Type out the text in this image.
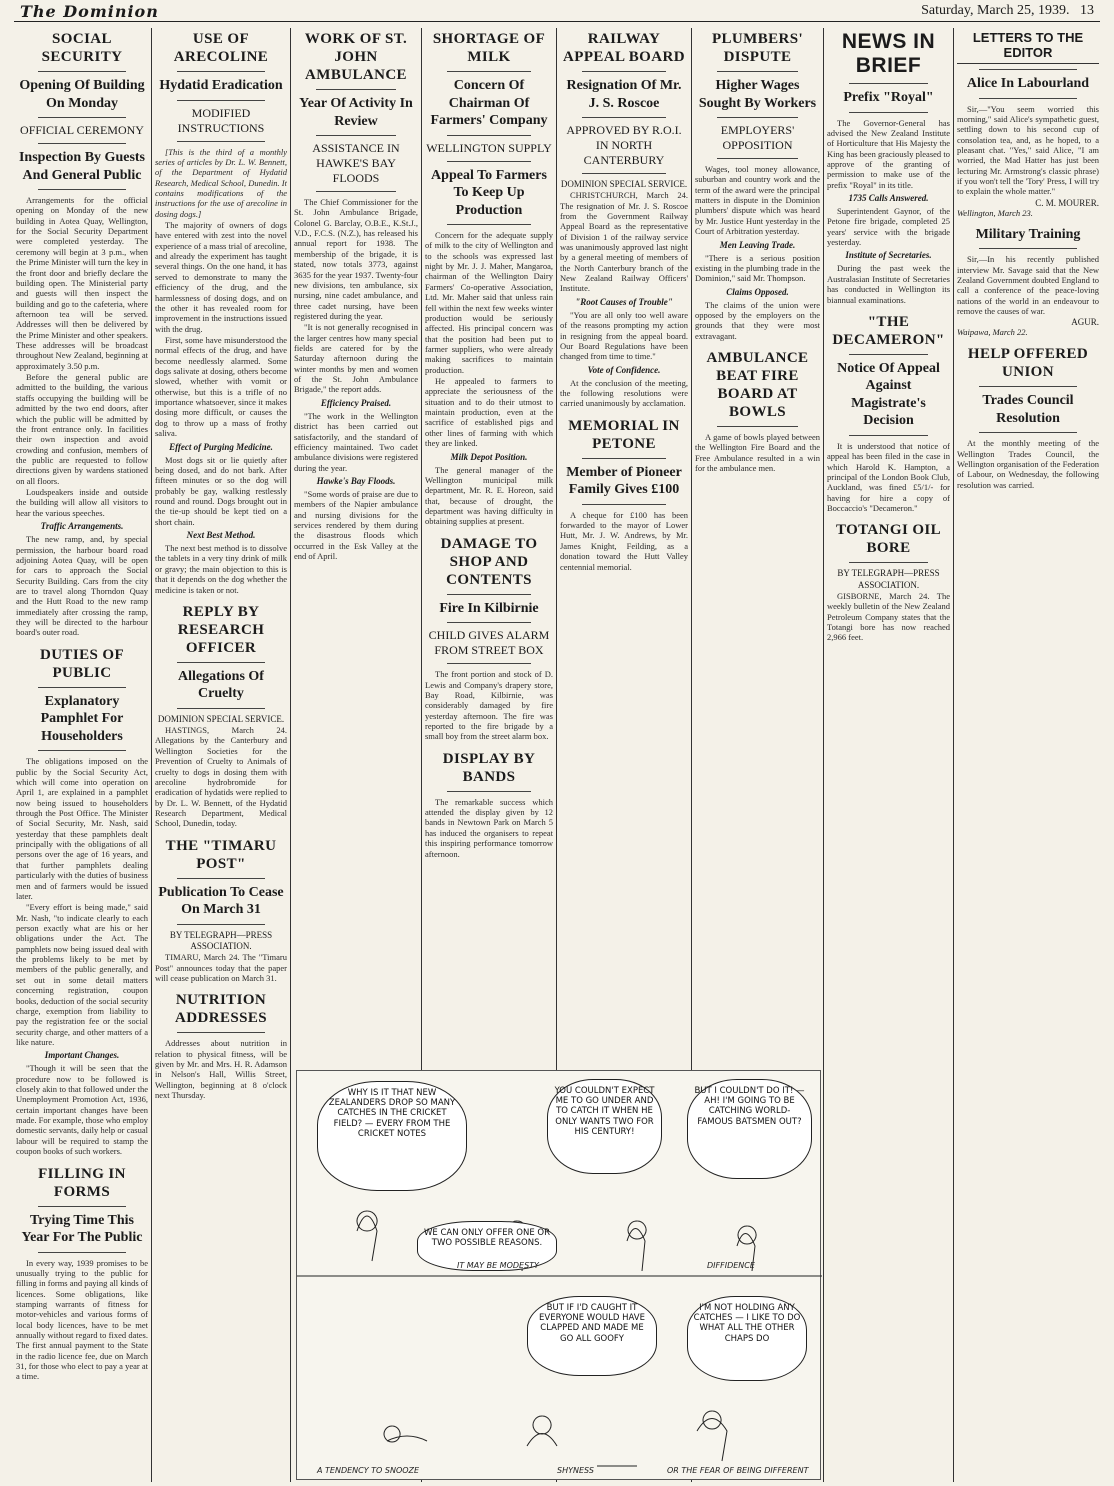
The Dominion	Saturday, March 25, 1939. 13
SOCIAL SECURITY
Opening Of Building On Monday
OFFICIAL CEREMONY
Inspection By Guests And General Public

Arrangements for the official opening on Monday of the new building in Aotea Quay, Wellington, for the Social Security Department were completed yesterday. The ceremony will begin at 3 p.m., when the Prime Minister will turn the key in the front door and briefly declare the building open. The Ministerial party and guests will then inspect the building and go to the cafeteria, where afternoon tea will be served. Addresses will then be delivered by the Prime Minister and other speakers. These addresses will be broadcast throughout New Zealand, beginning at approximately 3.50 p.m.

Before the general public are admitted to the building, the various staffs occupying the building will be admitted by the two end doors, after which the public will be admitted by the front entrance only. In facilities their own inspection and avoid crowding and confusion, members of the public are requested to follow directions given by wardens stationed on all floors.

Loudspeakers inside and outside the building will allow all visitors to hear the various speeches.

Traffic Arrangements.

The new ramp, and, by special permission, the harbour board road adjoining Aotea Quay, will be open for cars to approach the Social Security Building. Cars from the city are to travel along Thorndon Quay and the Hutt Road to the new ramp immediately after crossing the ramp, they will be directed to the harbour board's outer road.

DUTIES OF PUBLIC
Explanatory Pamphlet For Householders

The obligations imposed on the public by the Social Security Act, which will come into operation on April 1, are explained in a pamphlet now being issued to householders through the Post Office. The Minister of Social Security, Mr. Nash, said yesterday that these pamphlets dealt principally with the obligations of all persons over the age of 16 years, and that further pamphlets dealing particularly with the duties of business men and of farmers would be issued later.

"Every effort is being made," said Mr. Nash, "to indicate clearly to each person exactly what are his or her obligations under the Act. The pamphlets now being issued deal with the problems likely to be met by members of the public generally, and set out in some detail matters concerning registration, coupon books, deduction of the social security charge, exemption from liability to pay the registration fee or the social security charge, and other matters of a like nature.

Important Changes.

"Though it will be seen that the procedure now to be followed is closely akin to that followed under the Unemployment Promotion Act, 1936, certain important changes have been made. For example, those who employ domestic servants, daily help or casual labour will be required to stamp the coupon books of such workers.

FILLING IN FORMS
Trying Time This Year For The Public

In every way, 1939 promises to be unusually trying to the public for filling in forms and paying all kinds of licences. Some obligations, like stamping warrants of fitness for motor-vehicles and various forms of local body licences, have to be met annually without regard to fixed dates. The first annual payment to the State in the radio licence fee, due on March 31, for those who elect to pay a year at a time.

USE OF ARECOLINE
Hydatid Eradication
MODIFIED INSTRUCTIONS

[This is the third of a monthly series of articles by Dr. L. W. Bennett, of the Department of Hydatid Research, Medical School, Dunedin. It contains modifications of the instructions for the use of arecoline in dosing dogs.]

The majority of owners of dogs have entered with zest into the novel experience of a mass trial of arecoline, and already the experiment has taught several things. On the one hand, it has served to demonstrate to many the efficiency of the drug, and the harmlessness of dosing dogs, and on the other it has revealed room for improvement in the instructions issued with the drug.

First, some have misunderstood the normal effects of the drug, and have become needlessly alarmed. Some dogs salivate at dosing, others become slowed, whether with vomit or otherwise, but this is a trifle of no importance whatsoever, since it makes dosing more difficult, or causes the dog to throw up a mass of frothy saliva.

Effect of Purging Medicine.

Most dogs sit or lie quietly after being dosed, and do not bark. After fifteen minutes or so the dog will probably be gay, walking restlessly round and round. Dogs brought out in the tie-up should be kept tied on a short chain.

Next Best Method.

The next best method is to dissolve the tablets in a very tiny drink of milk or gravy; the main objection to this is that it depends on the dog whether the medicine is taken or not.

REPLY BY RESEARCH OFFICER
Allegations Of Cruelty
DOMINION SPECIAL SERVICE.

HASTINGS, March 24. Allegations by the Canterbury and Wellington Societies for the Prevention of Cruelty to Animals of cruelty to dogs in dosing them with arecoline hydrobromide for eradication of hydatids were replied to by Dr. L. W. Bennett, of the Hydatid Research Department, Medical School, Dunedin, today.

THE "TIMARU POST"
Publication To Cease On March 31
BY TELEGRAPH—PRESS ASSOCIATION.

TIMARU, March 24. The "Timaru Post" announces today that the paper will cease publication on March 31.

NUTRITION ADDRESSES

Addresses about nutrition in relation to physical fitness, will be given by Mr. and Mrs. H. R. Adamson in Nelson's Hall, Willis Street, Wellington, beginning at 8 o'clock next Thursday.

WORK OF ST. JOHN AMBULANCE
Year Of Activity In Review
ASSISTANCE IN HAWKE'S BAY FLOODS

The Chief Commissioner for the St. John Ambulance Brigade, Colonel G. Barclay, O.B.E., K.St.J., V.D., F.C.S. (N.Z.), has released his annual report for 1938. The membership of the brigade, it is stated, now totals 3773, against 3635 for the year 1937. Twenty-four new divisions, ten ambulance, six nursing, nine cadet ambulance, and three cadet nursing, have been registered during the year.

"It is not generally recognised in the larger centres how many special fields are catered for by the Saturday afternoon during the winter months by men and women of the St. John Ambulance Brigade," the report adds.

Efficiency Praised.

"The work in the Wellington district has been carried out satisfactorily, and the standard of efficiency maintained. Two cadet ambulance divisions were registered during the year.

Hawke's Bay Floods.

"Some words of praise are due to members of the Napier ambulance and nursing divisions for the services rendered by them during the disastrous floods which occurred in the Esk Valley at the end of April.

SHORTAGE OF MILK
Concern Of Chairman Of Farmers' Company
WELLINGTON SUPPLY
Appeal To Farmers To Keep Up Production

Concern for the adequate supply of milk to the city of Wellington and to the schools was expressed last night by Mr. J. J. Maher, Mangaroa, chairman of the Wellington Dairy Farmers' Co-operative Association, Ltd. Mr. Maher said that unless rain fell within the next few weeks winter production would be seriously affected. His principal concern was that the position had been put to farmer suppliers, who were already making sacrifices to maintain production.

He appealed to farmers to appreciate the seriousness of the situation and to do their utmost to maintain production, even at the sacrifice of established pigs and other lines of farming with which they are linked.

Milk Depot Position.

The general manager of the Wellington municipal milk department, Mr. R. E. Horeon, said that, because of drought, the department was having difficulty in obtaining supplies at present.

DAMAGE TO SHOP AND CONTENTS
Fire In Kilbirnie
CHILD GIVES ALARM FROM STREET BOX

The front portion and stock of D. Lewis and Company's drapery store, Bay Road, Kilbirnie, was considerably damaged by fire yesterday afternoon. The fire was reported to the fire brigade by a small boy from the street alarm box.

DISPLAY BY BANDS

The remarkable success which attended the display given by 12 bands in Newtown Park on March 5 has induced the organisers to repeat this inspiring performance tomorrow afternoon.

RAILWAY APPEAL BOARD
Resignation Of Mr. J. S. Roscoe
APPROVED BY R.O.I. IN NORTH CANTERBURY
DOMINION SPECIAL SERVICE.

CHRISTCHURCH, March 24. The resignation of Mr. J. S. Roscoe from the Government Railway Appeal Board as the representative of Division 1 of the railway service was unanimously approved last night by a general meeting of members of the North Canterbury branch of the New Zealand Railway Officers' Institute.

"Root Causes of Trouble"

"You are all only too well aware of the reasons prompting my action in resigning from the appeal board. Our Board Regulations have been changed from time to time."

Vote of Confidence.

At the conclusion of the meeting, the following resolutions were carried unanimously by acclamation.

MEMORIAL IN PETONE
Member of Pioneer Family Gives £100

A cheque for £100 has been forwarded to the mayor of Lower Hutt, Mr. J. W. Andrews, by Mr. James Knight, Feilding, as a donation toward the Hutt Valley centennial memorial.

PLUMBERS' DISPUTE
Higher Wages Sought By Workers
EMPLOYERS' OPPOSITION

Wages, tool money allowance, suburban and country work and the term of the award were the principal matters in dispute in the Dominion plumbers' dispute which was heard by Mr. Justice Hunt yesterday in the Court of Arbitration yesterday.

Men Leaving Trade.

"There is a serious position existing in the plumbing trade in the Dominion," said Mr. Thompson.

Claims Opposed.

The claims of the union were opposed by the employers on the grounds that they were most extravagant.

AMBULANCE BEAT FIRE BOARD AT BOWLS

A game of bowls played between the Wellington Fire Board and the Free Ambulance resulted in a win for the ambulance men.

NEWS IN BRIEF
Prefix "Royal"

The Governor-General has advised the New Zealand Institute of Horticulture that His Majesty the King has been graciously pleased to approve of the granting of permission to make use of the prefix "Royal" in its title.

1735 Calls Answered.

Superintendent Gaynor, of the Petone fire brigade, completed 25 years' service with the brigade yesterday.

Institute of Secretaries.

During the past week the Australasian Institute of Secretaries has conducted in Wellington its biannual examinations.

"THE DECAMERON"
Notice Of Appeal Against Magistrate's Decision

It is understood that notice of appeal has been filed in the case in which Harold K. Hampton, a principal of the London Book Club, Auckland, was fined £5/1/- for having for hire a copy of Boccaccio's "Decameron."

TOTANGI OIL BORE
BY TELEGRAPH—PRESS ASSOCIATION.

GISBORNE, March 24. The weekly bulletin of the New Zealand Petroleum Company states that the Totangi bore has now reached 2,966 feet.

LETTERS TO THE EDITOR
Alice In Labourland

Sir,—"You seem worried this morning," said Alice's sympathetic guest, settling down to his second cup of consolation tea, and, as he hoped, to a pleasant chat. "Yes," said Alice, "I am worried, the Mad Hatter has just been lecturing Mr. Armstrong's classic phrase) if you won't tell the 'Tory' Press, I will try to explain the whole matter."

C. M. MOURER.
Wellington, March 23.
Military Training

Sir,—In his recently published interview Mr. Savage said that the New Zealand Government doubted England to call a conference of the peace-loving nations of the world in an endeavour to remove the causes of war.

AGUR.
Waipawa, March 22.
HELP OFFERED UNION
Trades Council Resolution

At the monthly meeting of the Wellington Trades Council, the Wellington organisation of the Federation of Labour, on Wednesday, the following resolution was carried.

WHY IS IT THAT NEW ZEALANDERS DROP SO MANY CATCHES IN THE CRICKET FIELD? — EVERY FROM THE CRICKET NOTES
YOU COULDN'T EXPECT ME TO GO UNDER AND TO CATCH IT WHEN HE ONLY WANTS TWO FOR HIS CENTURY!
BUT I COULDN'T DO IT! — AH! I'M GOING TO BE CATCHING WORLD-FAMOUS BATSMEN OUT?
WE CAN ONLY OFFER ONE OR TWO POSSIBLE REASONS.
BUT IF I'D CAUGHT IT EVERYONE WOULD HAVE CLAPPED AND MADE ME GO ALL GOOFY
I'M NOT HOLDING ANY CATCHES — I LIKE TO DO WHAT ALL THE OTHER CHAPS DO
IT MAY BE MODESTY	DIFFIDENCE
A TENDENCY TO SNOOZE	SHYNESS	OR THE FEAR OF BEING DIFFERENT
